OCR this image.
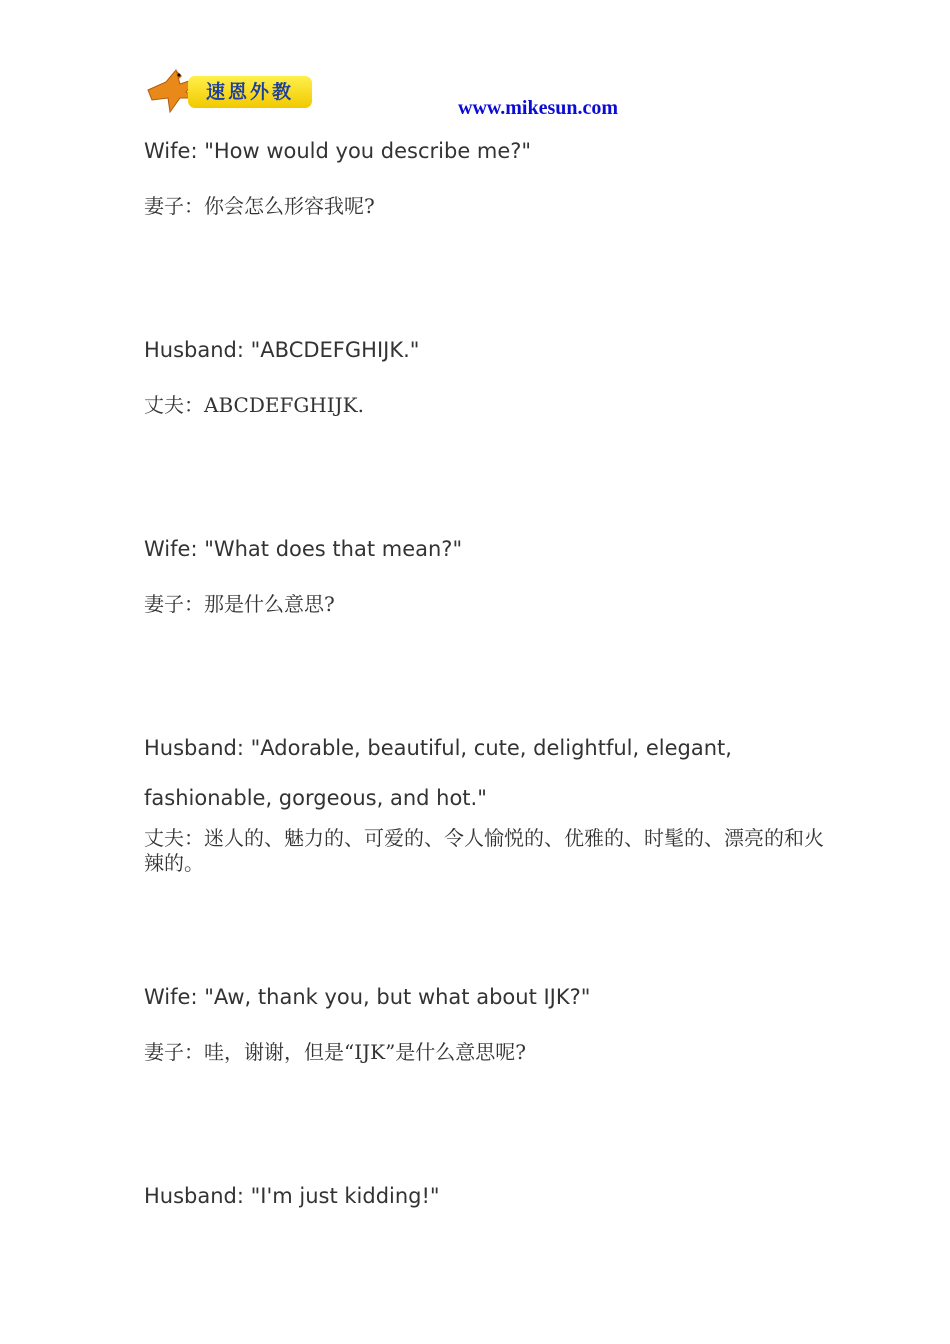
速恩外教
www.mikesun.com

Wife: "How would you describe me?"

妻子：你会怎么形容我呢?

Husband: "ABCDEFGHIJK."

丈夫：ABCDEFGHIJK.

Wife: "What does that mean?"

妻子：那是什么意思?

Husband: "Adorable, beautiful, cute, delightful, elegant,

fashionable, gorgeous, and hot."

丈夫：迷人的、魅力的、可爱的、令人愉悦的、优雅的、时髦的、漂亮的和火辣的。

Wife: "Aw, thank you, but what about IJK?"

妻子：哇，谢谢，但是“IJK”是什么意思呢?

Husband: "I'm just kidding!"
